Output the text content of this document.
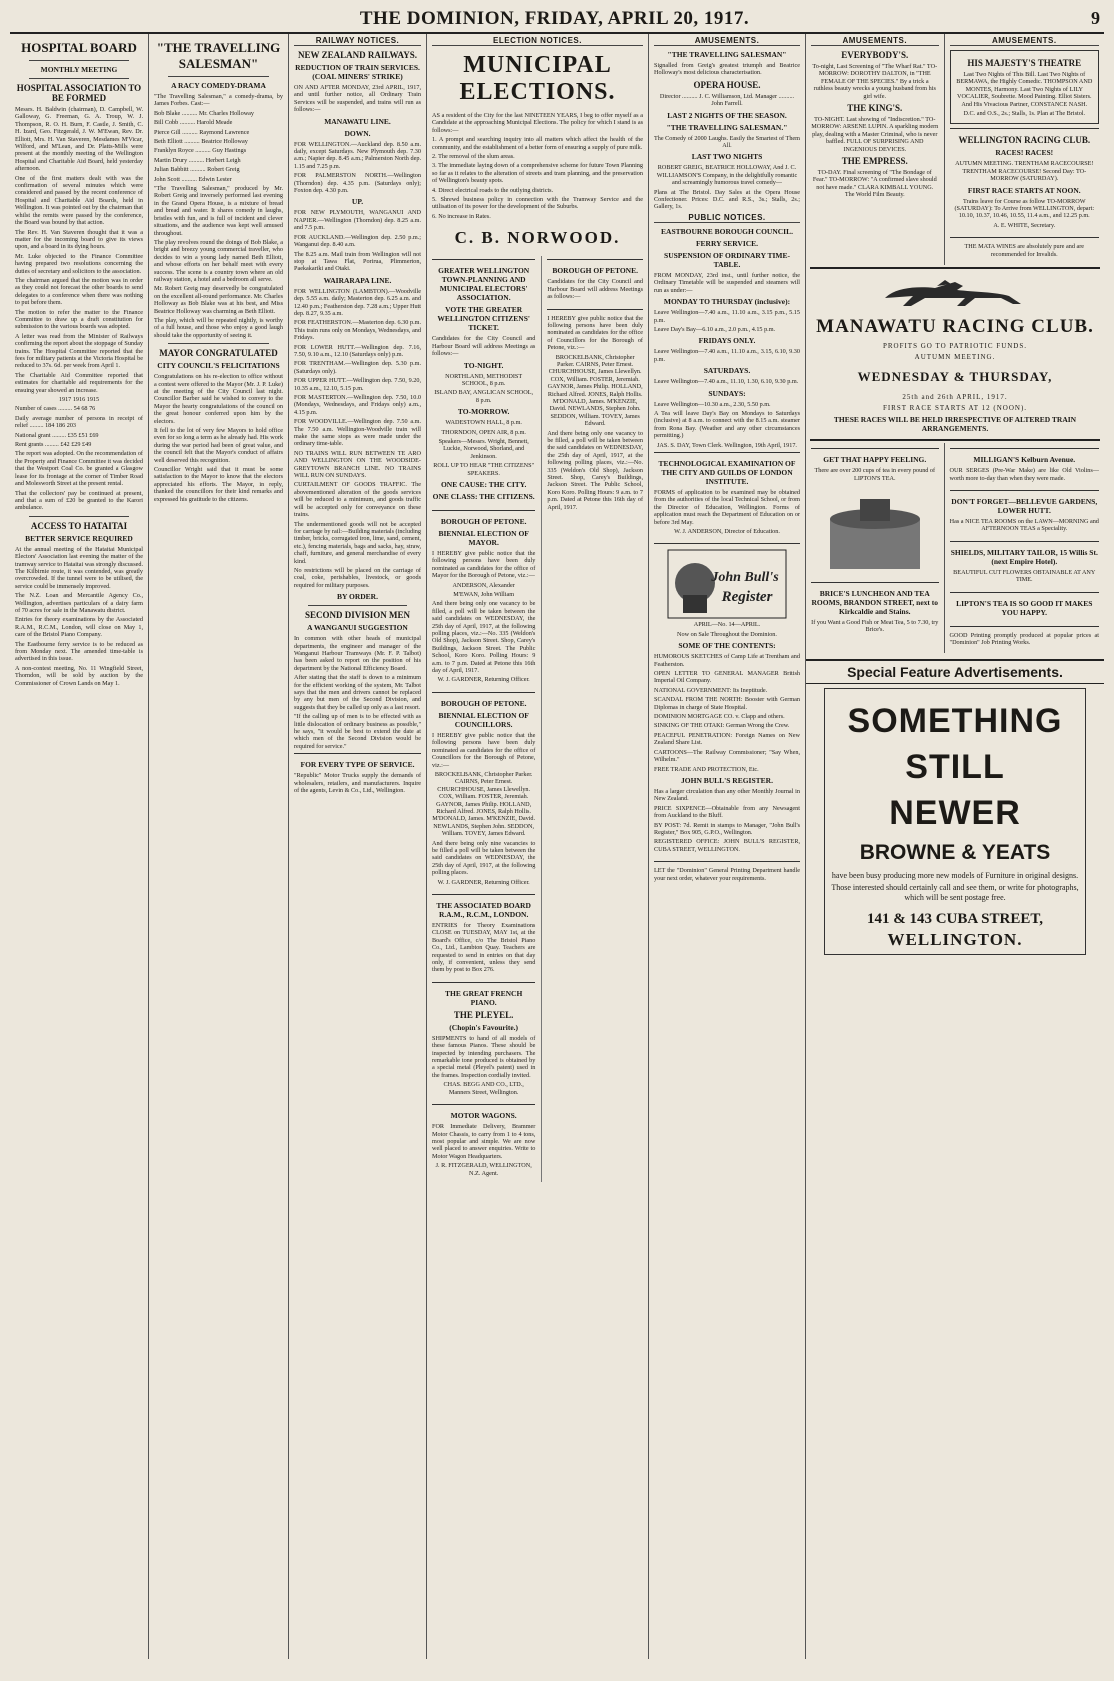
THE DOMINION, FRIDAY, APRIL 20, 1917.	9
HOSPITAL BOARD
MONTHLY MEETING
HOSPITAL ASSOCIATION TO BE FORMED

Messrs. H. Baldwin (chairman), D. Campbell, W. Galloway, G. Freeman, G. A. Troup, W. J. Thompson, R. O. H. Burn, F. Castle, J. Smith, C. H. Izard, Geo. Fitzgerald, J. W. M'Ewan, Rev. Dr. Elliott, Mrs. H. Van Staveren, Mesdames M'Vicar, Wilford, and M'Lean, and Dr. Platts-Mills were present at the monthly meeting of the Wellington Hospital and Charitable Aid Board, held yesterday afternoon.

One of the first matters dealt with was the confirmation of several minutes which were considered and passed by the recent conference of Hospital and Charitable Aid Boards, held in Wellington. It was pointed out by the chairman that whilst the remits were passed by the conference, the Board was bound by that action.

The Rev. H. Van Staveren thought that it was a matter for the incoming board to give its views upon, and a board in its dying hours.

Mr. Luke objected to the Finance Committee having prepared two resolutions concerning the duties of secretary and solicitors to the association.

The chairman argued that the motion was in order as they could not forecast the other boards to send delegates to a conference when there was nothing to put before them.

The motion to refer the matter to the Finance Committee to draw up a draft constitution for submission to the various boards was adopted.

A letter was read from the Minister of Railways confirming the report about the stoppage of Sunday trains. The Hospital Committee reported that the fees for military patients at the Victoria Hospital be reduced to 37s. 6d. per week from April 1.

The Charitable Aid Committee reported that estimates for charitable aid requirements for the ensuing year showed an increase.

1917 1916 1915

Number of cases ......... 54 68 76

Daily average number of persons in receipt of relief ......... 184 186 203

National grant ......... £35 £51 £69

Rent grants ......... £42 £29 £49

The report was adopted. On the recommendation of the Property and Finance Committee it was decided that the Westport Coal Co. be granted a Glasgow lease for its frontage at the corner of Timber Road and Molesworth Street at the present rental.

That the collectors' pay be continued at present, and that a sum of £20 be granted to the Karori ambulance.

ACCESS TO HATAITAI
BETTER SERVICE REQUIRED

At the annual meeting of the Hataitai Municipal Electors' Association last evening the matter of the tramway service to Hataitai was strongly discussed. The Kilbirnie route, it was contended, was greatly overcrowded. If the tunnel were to be utilised, the service could be immensely improved.

The N.Z. Loan and Mercantile Agency Co., Wellington, advertises particulars of a dairy farm of 70 acres for sale in the Manawatu district.

Entries for theory examinations by the Associated R.A.M., R.C.M., London, will close on May 1, care of the Bristol Piano Company.

The Eastbourne ferry service is to be reduced as from Monday next. The amended time-table is advertised in this issue.

A non-contest meeting, No. 11 Wingfield Street, Thorndon, will be sold by auction by the Commissioner of Crown Lands on May 1.

"THE TRAVELLING SALESMAN"
A RACY COMEDY-DRAMA

"The Travelling Salesman," a comedy-drama, by James Forbes. Cast:—

Bob Blake .......... Mr. Charles Holloway

Bill Cobb .......... Harold Meade

Pierce Gill .......... Raymond Lawrence

Beth Elliott .......... Beatrice Holloway

Franklyn Royce .......... Guy Hastings

Martin Drury .......... Herbert Leigh

Julian Babbitt .......... Robert Greig

John Scott .......... Edwin Lester

"The Travelling Salesman," produced by Mr. Robert Greig and inversely performed last evening in the Grand Opera House, is a mixture of bread and bread and water. It shares comedy in laughs, bristles with fun, and is full of incident and clever situations, and the audience was kept well amused throughout.

The play revolves round the doings of Bob Blake, a bright and breezy young commercial traveller, who decides to win a young lady named Beth Elliott, and whose efforts on her behalf meet with every success. The scene is a country town where an old railway station, a hotel and a bedroom all serve.

Mr. Robert Greig may deservedly be congratulated on the excellent all-round performance. Mr. Charles Holloway as Bob Blake was at his best, and Miss Beatrice Holloway was charming as Beth Elliott.

The play, which will be repeated nightly, is worthy of a full house, and those who enjoy a good laugh should take the opportunity of seeing it.

MAYOR CONGRATULATED
CITY COUNCIL'S FELICITATIONS

Congratulations on his re-election to office without a contest were offered to the Mayor (Mr. J. P. Luke) at the meeting of the City Council last night. Councillor Barber said he wished to convey to the Mayor the hearty congratulations of the council on the great honour conferred upon him by the electors.

It fell to the lot of very few Mayors to hold office even for so long a term as he already had. His work during the war period had been of great value, and the council felt that the Mayor's conduct of affairs well deserved this recognition.

Councillor Wright said that it must be some satisfaction to the Mayor to know that the electors appreciated his efforts. The Mayor, in reply, thanked the councillors for their kind remarks and expressed his gratitude to the citizens.

RAILWAY NOTICES.
NEW ZEALAND RAILWAYS.
REDUCTION OF TRAIN SERVICES. (COAL MINERS' STRIKE)

ON AND AFTER MONDAY, 23rd APRIL, 1917, and until further notice, all Ordinary Train Services will be suspended, and trains will run as follows:—

MANAWATU LINE.
DOWN.

FOR WELLINGTON.—Auckland dep. 8.50 a.m. daily, except Saturdays. New Plymouth dep. 7.30 a.m.; Napier dep. 8.45 a.m.; Palmerston North dep. 1.15 and 7.25 p.m.

FOR PALMERSTON NORTH.—Wellington (Thorndon) dep. 4.35 p.m. (Saturdays only); Foxton dep. 4.30 p.m.

UP.

FOR NEW PLYMOUTH, WANGANUI AND NAPIER.—Wellington (Thorndon) dep. 8.25 a.m. and 7.5 p.m.

FOR AUCKLAND.—Wellington dep. 2.50 p.m.; Wanganui dep. 8.40 a.m.

The 8.25 a.m. Mail train from Wellington will not stop at Tawa Flat, Porirua, Plimmerton, Paekakariki and Otaki.

WAIRARAPA LINE.

FOR WELLINGTON (LAMBTON).—Woodville dep. 5.55 a.m. daily; Masterton dep. 6.25 a.m. and 12.40 p.m.; Featherston dep. 7.28 a.m.; Upper Hutt dep. 8.27, 9.35 a.m.

FOR FEATHERSTON.—Masterton dep. 6.30 p.m. This train runs only on Mondays, Wednesdays, and Fridays.

FOR LOWER HUTT.—Wellington dep. 7.16, 7.50, 9.10 a.m., 12.10 (Saturdays only) p.m.

FOR TRENTHAM.—Wellington dep. 5.30 p.m. (Saturdays only).

FOR UPPER HUTT.—Wellington dep. 7.50, 9.20, 10.35 a.m., 12.10, 5.15 p.m.

FOR MASTERTON.—Wellington dep. 7.50, 10.0 (Mondays, Wednesdays, and Fridays only) a.m., 4.15 p.m.

FOR WOODVILLE.—Wellington dep. 7.50 a.m. The 7.50 a.m. Wellington-Woodville train will make the same stops as were made under the ordinary time-table.

NO TRAINS WILL RUN BETWEEN TE ARO AND WELLINGTON ON THE WOODSIDE-GREYTOWN BRANCH LINE. NO TRAINS WILL RUN ON SUNDAYS.

CURTAILMENT OF GOODS TRAFFIC. The abovementioned alteration of the goods services will be reduced to a minimum, and goods traffic will be accepted only for conveyance on these trains.

The undermentioned goods will not be accepted for carriage by rail:—Building materials (including timber, bricks, corrugated iron, lime, sand, cement, etc.), fencing materials, bags and sacks, hay, straw, chaff, furniture, and general merchandise of every kind.

No restrictions will be placed on the carriage of coal, coke, perishables, livestock, or goods required for military purposes.

BY ORDER.
SECOND DIVISION MEN
A WANGANUI SUGGESTION

In common with other heads of municipal departments, the engineer and manager of the Wanganui Harbour Tramways (Mr. F. P. Talbot) has been asked to report on the position of his department by the National Efficiency Board.

After stating that the staff is down to a minimum for the efficient working of the system, Mr. Talbot says that the men and drivers cannot be replaced by any but men of the Second Division, and suggests that they be called up only as a last resort.

"If the calling up of men is to be effected with as little dislocation of ordinary business as possible," he says, "it would be best to extend the date at which men of the Second Division would be required for service."

FOR EVERY TYPE OF SERVICE.

"Republic" Motor Trucks supply the demands of wholesalers, retailers, and manufacturers. Inquire of the agents, Levin & Co., Ltd., Wellington.

ELECTION NOTICES.
MUNICIPAL ELECTIONS.

AS a resident of the City for the last NINETEEN YEARS, I beg to offer myself as a Candidate at the approaching Municipal Elections. The policy for which I stand is as follows:—

1. A prompt and searching inquiry into all matters which affect the health of the community, and the establishment of a better form of ensuring a supply of pure milk.

2. The removal of the slum areas.

3. The immediate laying down of a comprehensive scheme for future Town Planning so far as it relates to the alteration of streets and tram planning, and the preservation of Wellington's beauty spots.

4. Direct electrical roads to the outlying districts.

5. Shrewd business policy in connection with the Tramway Service and the utilisation of its power for the development of the Suburbs.

6. No increase in Rates.

C. B. NORWOOD.
GREATER WELLINGTON TOWN-PLANNING AND MUNICIPAL ELECTORS' ASSOCIATION.
VOTE THE GREATER WELLINGTON CITIZENS' TICKET.

Candidates for the City Council and Harbour Board will address Meetings as follows:—

TO-NIGHT.

NORTHLAND, METHODIST SCHOOL, 8 p.m.

ISLAND BAY, ANGLICAN SCHOOL, 8 p.m.

TO-MORROW.

WADESTOWN HALL, 8 p.m.

THORNDON, OPEN AIR, 8 p.m.

Speakers—Messrs. Wright, Bennett, Luckie, Norwood, Shorland, and Jenkinson.

ROLL UP TO HEAR "THE CITIZENS" SPEAKERS.

ONE CAUSE: THE CITY.
ONE CLASS: THE CITIZENS.
BOROUGH OF PETONE.
BIENNIAL ELECTION OF MAYOR.

I HEREBY give public notice that the following persons have been duly nominated as candidates for the office of Mayor for the Borough of Petone, viz.:—

ANDERSON, Alexander

M'EWAN, John William

And there being only one vacancy to be filled, a poll will be taken between the said candidates on WEDNESDAY, the 25th day of April, 1917, at the following polling places, viz.:—No. 335 (Weldon's Old Shop), Jackson Street. Shop, Carey's Buildings, Jackson Street. The Public School, Koro Koro. Polling Hours: 9 a.m. to 7 p.m. Dated at Petone this 16th day of April, 1917.

W. J. GARDNER, Returning Officer.

BOROUGH OF PETONE.
BIENNIAL ELECTION OF COUNCILLORS.

I HEREBY give public notice that the following persons have been duly nominated as candidates for the office of Councillors for the Borough of Petone, viz.:—

BROCKELBANK, Christopher Parker. CAIRNS, Peter Ernest. CHURCHHOUSE, James Llewellyn. COX, William. FOSTER, Jeremiah. GAYNOR, James Philip. HOLLAND, Richard Alfred. JONES, Ralph Hollis. M'DONALD, James. M'KENZIE, David. NEWLANDS, Stephen John. SEDDON, William. TOVEY, James Edward.

And there being only nine vacancies to be filled a poll will be taken between the said candidates on WEDNESDAY, the 25th day of April, 1917, at the following polling places.

W. J. GARDNER, Returning Officer.

THE ASSOCIATED BOARD R.A.M., R.C.M., LONDON.

ENTRIES for Theory Examinations CLOSE on TUESDAY, MAY 1st, at the Board's Office, c/o The Bristol Piano Co., Ltd., Lambton Quay. Teachers are requested to send in entries on that day only, if convenient, unless they send them by post to Box 276.

THE GREAT FRENCH PIANO.
THE PLEYEL.
(Chopin's Favourite.)

SHIPMENTS to hand of all models of these famous Pianos. These should be inspected by intending purchasers. The remarkable tone produced is obtained by a special metal (Pleyel's patent) used in the frames. Inspection cordially invited.

CHAS. BEGG AND CO., LTD., Manners Street, Wellington.

MOTOR WAGONS.

FOR Immediate Delivery, Brammer Motor Chassis, to carry from 1 to 4 tons, most popular and simple. We are now well placed to answer enquiries. Write to Motor Wagon Headquarters.

J. R. FITZGERALD, WELLINGTON, N.Z. Agent.

BOROUGH OF PETONE.

Candidates for the City Council and Harbour Board will address Meetings as follows:—

I HEREBY give public notice that the following persons have been duly nominated as candidates for the office of Councillors for the Borough of Petone, viz.:—

BROCKELBANK, Christopher Parker. CAIRNS, Peter Ernest. CHURCHHOUSE, James Llewellyn. COX, William. FOSTER, Jeremiah. GAYNOR, James Philip. HOLLAND, Richard Alfred. JONES, Ralph Hollis. M'DONALD, James. M'KENZIE, David. NEWLANDS, Stephen John. SEDDON, William. TOVEY, James Edward.

And there being only one vacancy to be filled, a poll will be taken between the said candidates on WEDNESDAY, the 25th day of April, 1917, at the following polling places, viz.:—No. 335 (Weldon's Old Shop), Jackson Street. Shop, Carey's Buildings, Jackson Street. The Public School, Koro Koro. Polling Hours: 9 a.m. to 7 p.m. Dated at Petone this 16th day of April, 1917.

AMUSEMENTS.
"THE TRAVELLING SALESMAN"

Signalled from Greig's greatest triumph and Beatrice Holloway's most delicious characterisation.

OPERA HOUSE.

Director .......... J. C. Williamson, Ltd. Manager .......... John Farrell.

LAST 2 NIGHTS OF THE SEASON.
"THE TRAVELLING SALESMAN."

The Comedy of 2000 Laughs. Easily the Smartest of Them All.

LAST TWO NIGHTS

ROBERT GREIG, BEATRICE HOLLOWAY, And J. C. WILLIAMSON'S Company, in the delightfully romantic and screamingly humorous travel comedy—

Plans at The Bristol. Day Sales at the Opera House Confectioner. Prices: D.C. and R.S., 3s.; Stalls, 2s.; Gallery, 1s.

PUBLIC NOTICES.
EASTBOURNE BOROUGH COUNCIL.
FERRY SERVICE.
SUSPENSION OF ORDINARY TIME-TABLE.

FROM MONDAY, 23rd inst., until further notice, the Ordinary Timetable will be suspended and steamers will run as under:—

MONDAY TO THURSDAY (inclusive):

Leave Wellington—7.40 a.m., 11.10 a.m., 3.15 p.m., 5.15 p.m.

Leave Day's Bay—6.10 a.m., 2.0 p.m., 4.15 p.m.

FRIDAYS ONLY.

Leave Wellington—7.40 a.m., 11.10 a.m., 3.15, 6.10, 9.30 p.m.

SATURDAYS.

Leave Wellington—7.40 a.m., 11.10, 1.30, 6.10, 9.30 p.m.

SUNDAYS:

Leave Wellington—10.30 a.m., 2.30, 5.50 p.m.

A Tea will leave Day's Bay on Mondays to Saturdays (inclusive) at 8 a.m. to connect with the 8.15 a.m. steamer from Rona Bay. (Weather and any other circumstances permitting.)

JAS. S. DAY, Town Clerk. Wellington, 19th April, 1917.

TECHNOLOGICAL EXAMINATION OF THE CITY AND GUILDS OF LONDON INSTITUTE.

FORMS of application to be examined may be obtained from the authorities of the local Technical School, or from the Director of Education, Wellington. Forms of application must reach the Department of Education on or before 3rd May.

W. J. ANDERSON, Director of Education.

John Bull's
Register

APRIL—No. 14—APRIL.

Now on Sale Throughout the Dominion.

SOME OF THE CONTENTS:

HUMOROUS SKETCHES of Camp Life at Trentham and Featherston.

OPEN LETTER TO GENERAL MANAGER British Imperial Oil Company.

NATIONAL GOVERNMENT: Its Ineptitude.

SCANDAL FROM THE NORTH: Booster with German Diplomas in charge of State Hospital.

DOMINION MORTGAGE CO. v. Clapp and others.

SINKING OF THE OTAKI: German Wrong the Crew.

PEACEFUL PENETRATION: Foreign Names on New Zealand Share List.

CARTOONS—The Railway Commissioner; "Say When, Wilhelm."

FREE TRADE AND PROTECTION, Etc.

JOHN BULL'S REGISTER.

Has a larger circulation than any other Monthly Journal in New Zealand.

PRICE SIXPENCE—Obtainable from any Newsagent from Auckland to the Bluff.

BY POST: 7d. Remit in stamps to Manager, "John Bull's Register," Box 905, G.P.O., Wellington.

REGISTERED OFFICE: JOHN BULL'S REGISTER, CUBA STREET, WELLINGTON.

LET the "Dominion" General Printing Department handle your next order, whatever your requirements.

AMUSEMENTS.
EVERYBODY'S.

To-night, Last Screening of "The Wharf Rat." TO-MORROW: DOROTHY DALTON, in "THE FEMALE OF THE SPECIES." By a trick a ruthless beauty wrecks a young husband from his girl wife.

THE KING'S.

TO-NIGHT. Last showing of "Indiscretion." TO-MORROW: ARSENE LUPIN. A sparkling modern play, dealing with a Master Criminal, who is never baffled. FULL OF SURPRISING AND INGENIOUS DEVICES.

THE EMPRESS.

TO-DAY. Final screening of "The Bondage of Fear." TO-MORROW: "A confirmed slave should not have made." CLARA KIMBALL YOUNG. The World Film Beauty.

AMUSEMENTS.
HIS MAJESTY'S THEATRE

Last Two Nights of This Bill. Last Two Nights of BERMAWA, the Highly Comedic. THOMPSON AND MONTES, Harmony. Last Two Nights of LILY VOCALIER, Soubrette. Mood Painting. Elliot Sisters. And His Vivacious Partner, CONSTANCE NASH.

D.C. and O.S., 2s.; Stalls, 1s. Plan at The Bristol.

WELLINGTON RACING CLUB.
RACES! RACES!

AUTUMN MEETING. TRENTHAM RACECOURSE! TRENTHAM RACECOURSE! Second Day: TO-MORROW (SATURDAY).

FIRST RACE STARTS AT NOON.

Trains leave for Course as follow TO-MORROW (SATURDAY): To Arrive from WELLINGTON, depart: 10.10, 10.37, 10.46, 10.55, 11.4 a.m., and 12.25 p.m.

A. E. WHITE, Secretary.

THE MATA WINES are absolutely pure and are recommended for Invalids.

MANAWATU RACING CLUB.
PROFITS GO TO PATRIOTIC FUNDS.
AUTUMN MEETING.
WEDNESDAY & THURSDAY,
25th and 26th APRIL, 1917.
FIRST RACE STARTS AT 12 (NOON).
THESE RACES WILL BE HELD IRRESPECTIVE OF ALTERED TRAIN ARRANGEMENTS.
GET THAT HAPPY FEELING.

There are over 200 cups of tea in every pound of LIPTON'S TEA.

BRICE'S LUNCHEON AND TEA ROOMS, BRANDON STREET, next to Kirkcaldie and Stains.

If you Want a Good Fish or Meat Tea, 5 to 7.30, try Brice's.

MILLIGAN'S Kelburn Avenue.

OUR SERGES (Pre-War Make) are like Old Violins—worth more to-day than when they were made.

DON'T FORGET—BELLEVUE GARDENS, LOWER HUTT.

Has a NICE TEA ROOMS on the LAWN—MORNING and AFTERNOON TEAS a Speciality.

SHIELDS, MILITARY TAILOR, 15 Willis St. (next Empire Hotel).

BEAUTIFUL CUT FLOWERS OBTAINABLE AT ANY TIME.

LIPTON'S TEA IS SO GOOD IT MAKES YOU HAPPY.

GOOD Printing promptly produced at popular prices at "Dominion" Job Printing Works.

Special Feature Advertisements.
SOMETHING
STILL
NEWER
BROWNE & YEATS

have been busy producing more new models of Furniture in original designs.

Those interested should certainly call and see them, or write for photographs, which will be sent postage free.

141 & 143 CUBA STREET,
WELLINGTON.
